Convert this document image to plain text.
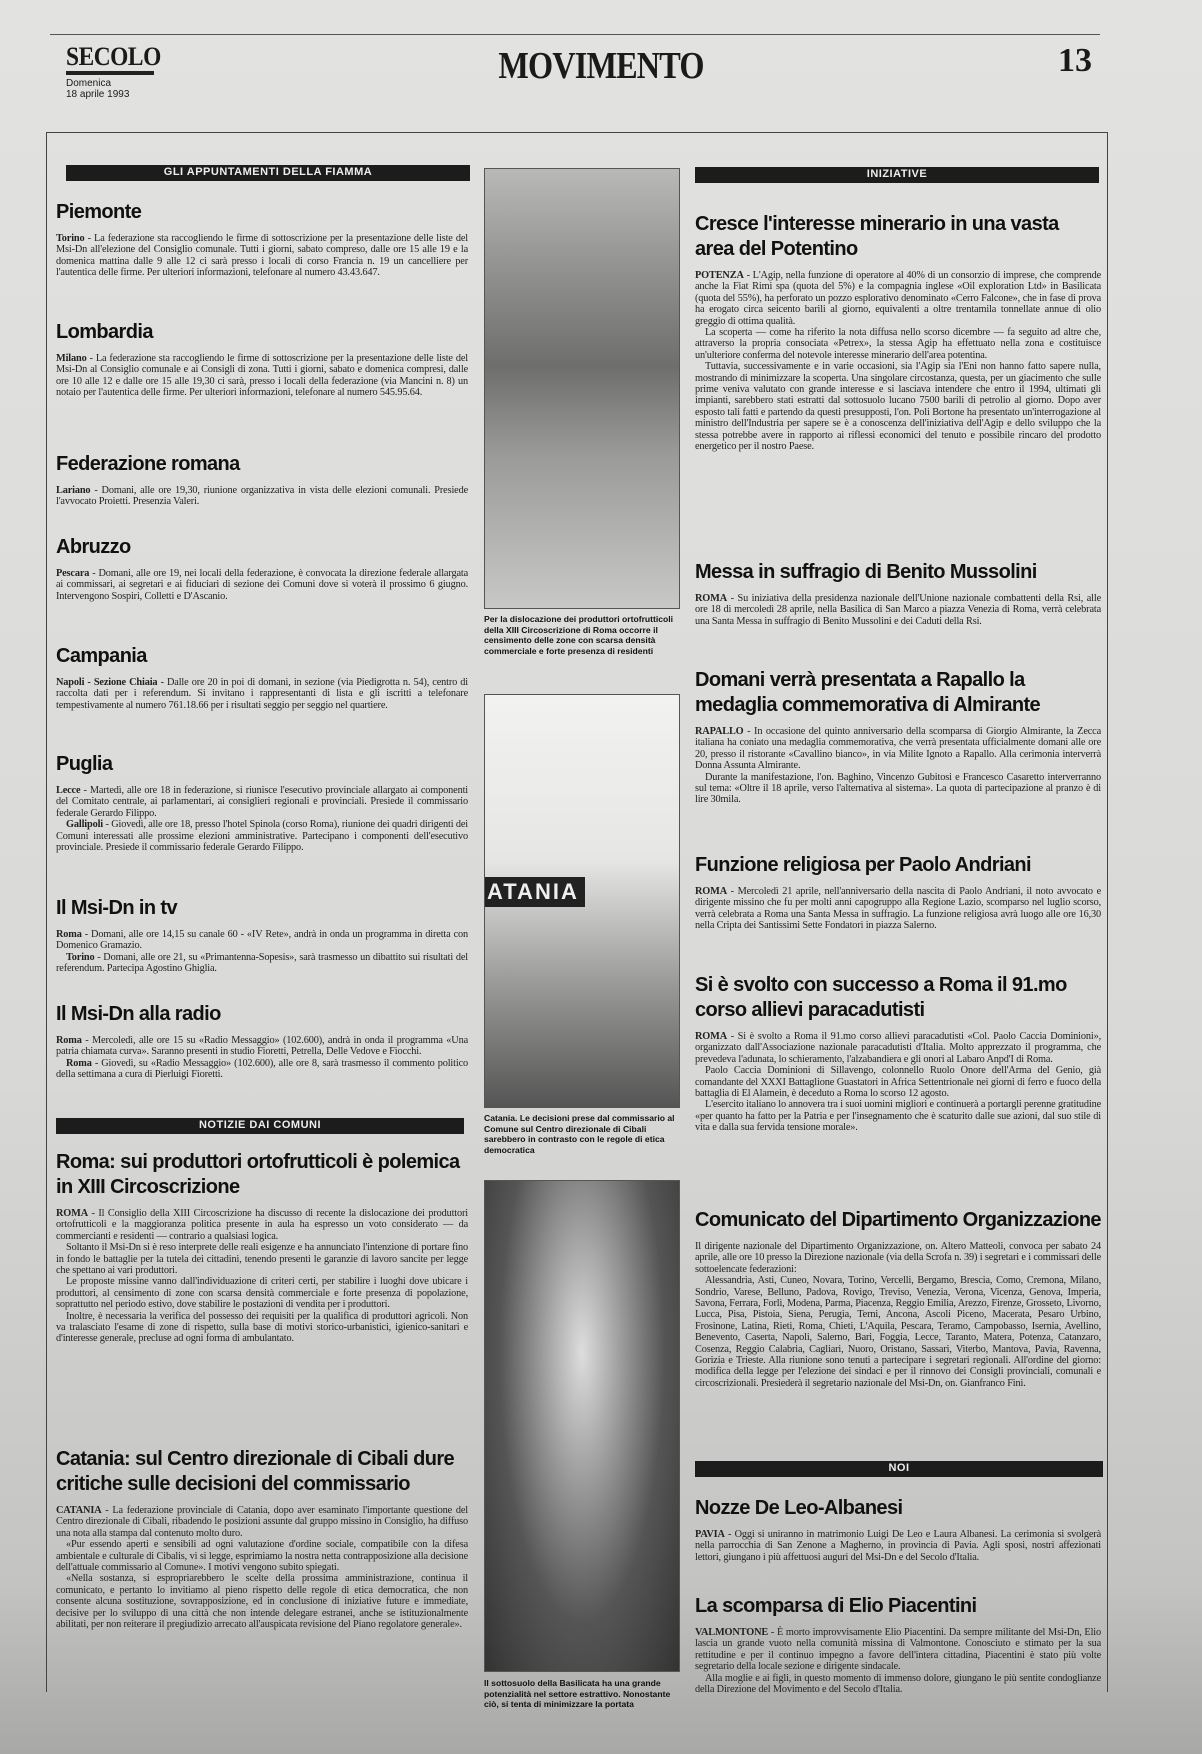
SECOLO
Domenica
18 aprile 1993
MOVIMENTO	13
GLI APPUNTAMENTI DELLA FIAMMA
NOTIZIE DAI COMUNI
INIZIATIVE
NOI
Piemonte

Torino - La federazione sta raccogliendo le firme di sottoscrizione per la presentazione delle liste del Msi-Dn all'elezione del Consiglio comunale. Tutti i giorni, sabato compreso, dalle ore 15 alle 19 e la domenica mattina dalle 9 alle 12 ci sarà presso i locali di corso Francia n. 19 un cancelliere per l'autentica delle firme. Per ulteriori informazioni, telefonare al numero 43.43.647.

Lombardia

Milano - La federazione sta raccogliendo le firme di sottoscrizione per la presentazione delle liste del Msi-Dn al Consiglio comunale e ai Consigli di zona. Tutti i giorni, sabato e domenica compresi, dalle ore 10 alle 12 e dalle ore 15 alle 19,30 ci sarà, presso i locali della federazione (via Mancini n. 8) un notaio per l'autentica delle firme. Per ulteriori informazioni, telefonare al numero 545.95.64.

Federazione romana

Lariano - Domani, alle ore 19,30, riunione organizzativa in vista delle elezioni comunali. Presiede l'avvocato Proietti. Presenzia Valeri.

Abruzzo

Pescara - Domani, alle ore 19, nei locali della federazione, è convocata la direzione federale allargata ai commissari, ai segretari e ai fiduciari di sezione dei Comuni dove si voterà il prossimo 6 giugno. Intervengono Sospiri, Colletti e D'Ascanio.

Campania

Napoli - Sezione Chiaia - Dalle ore 20 in poi di domani, in sezione (via Piedigrotta n. 54), centro di raccolta dati per i referendum. Si invitano i rappresentanti di lista e gli iscritti a telefonare tempestivamente al numero 761.18.66 per i risultati seggio per seggio nel quartiere.

Puglia

Lecce - Martedì, alle ore 18 in federazione, si riunisce l'esecutivo provinciale allargato ai componenti del Comitato centrale, ai parlamentari, ai consiglieri regionali e provinciali. Presiede il commissario federale Gerardo Filippo.

Gallipoli - Giovedì, alle ore 18, presso l'hotel Spinola (corso Roma), riunione dei quadri dirigenti dei Comuni interessati alle prossime elezioni amministrative. Partecipano i componenti dell'esecutivo provinciale. Presiede il commissario federale Gerardo Filippo.

Il Msi-Dn in tv

Roma - Domani, alle ore 14,15 su canale 60 - «IV Rete», andrà in onda un programma in diretta con Domenico Gramazio.

Torino - Domani, alle ore 21, su «Primantenna-Sopesis», sarà trasmesso un dibattito sui risultati del referendum. Partecipa Agostino Ghiglia.

Il Msi-Dn alla radio

Roma - Mercoledì, alle ore 15 su «Radio Messaggio» (102.600), andrà in onda il programma «Una patria chiamata curva». Saranno presenti in studio Fioretti, Petrella, Delle Vedove e Fiocchi.

Roma - Giovedì, su «Radio Messaggio» (102.600), alle ore 8, sarà trasmesso il commento politico della settimana a cura di Pierluigi Fioretti.

Roma: sui produttori ortofrutticoli è polemica in XIII Circoscrizione

ROMA - Il Consiglio della XIII Circoscrizione ha discusso di recente la dislocazione dei produttori ortofrutticoli e la maggioranza politica presente in aula ha espresso un voto considerato — da commercianti e residenti — contrario a qualsiasi logica.

Soltanto il Msi-Dn si è reso interprete delle reali esigenze e ha annunciato l'intenzione di portare fino in fondo le battaglie per la tutela dei cittadini, tenendo presenti le garanzie di lavoro sancite per legge che spettano ai vari produttori.

Le proposte missine vanno dall'individuazione di criteri certi, per stabilire i luoghi dove ubicare i produttori, al censimento di zone con scarsa densità commerciale e forte presenza di popolazione, soprattutto nel periodo estivo, dove stabilire le postazioni di vendita per i produttori.

Inoltre, è necessaria la verifica del possesso dei requisiti per la qualifica di produttori agricoli. Non va tralasciato l'esame di zone di rispetto, sulla base di motivi storico-urbanistici, igienico-sanitari e d'interesse generale, precluse ad ogni forma di ambulantato.

Catania: sul Centro direzionale di Cibali dure critiche sulle decisioni del commissario

CATANIA - La federazione provinciale di Catania, dopo aver esaminato l'importante questione del Centro direzionale di Cibali, ribadendo le posizioni assunte dal gruppo missino in Consiglio, ha diffuso una nota alla stampa dal contenuto molto duro.

«Pur essendo aperti e sensibili ad ogni valutazione d'ordine sociale, compatibile con la difesa ambientale e culturale di Cibalis, vi si legge, esprimiamo la nostra netta contrapposizione alla decisione dell'attuale commissario al Comune». I motivi vengono subito spiegati.

«Nella sostanza, si espropriarebbero le scelte della prossima amministrazione, continua il comunicato, e pertanto lo invitiamo al pieno rispetto delle regole di etica democratica, che non consente alcuna sostituzione, sovrapposizione, ed in conclusione di iniziative future e immediate, decisive per lo sviluppo di una città che non intende delegare estranei, anche se istituzionalmente abilitati, per non reiterare il pregiudizio arrecato all'auspicata revisione del Piano regolatore generale».

Cresce l'interesse minerario in una vasta area del Potentino

POTENZA - L'Agip, nella funzione di operatore al 40% di un consorzio di imprese, che comprende anche la Fiat Rimi spa (quota del 5%) e la compagnia inglese «Oil exploration Ltd» in Basilicata (quota del 55%), ha perforato un pozzo esplorativo denominato «Cerro Falcone», che in fase di prova ha erogato circa seicento barili al giorno, equivalenti a oltre trentamila tonnellate annue di olio greggio di ottima qualità.

La scoperta — come ha riferito la nota diffusa nello scorso dicembre — fa seguito ad altre che, attraverso la propria consociata «Petrex», la stessa Agip ha effettuato nella zona e costituisce un'ulteriore conferma del notevole interesse minerario dell'area potentina.

Tuttavia, successivamente e in varie occasioni, sia l'Agip sia l'Eni non hanno fatto sapere nulla, mostrando di minimizzare la scoperta. Una singolare circostanza, questa, per un giacimento che sulle prime veniva valutato con grande interesse e si lasciava intendere che entro il 1994, ultimati gli impianti, sarebbero stati estratti dal sottosuolo lucano 7500 barili di petrolio al giorno. Dopo aver esposto tali fatti e partendo da questi presupposti, l'on. Poli Bortone ha presentato un'interrogazione al ministro dell'Industria per sapere se è a conoscenza dell'iniziativa dell'Agip e dello sviluppo che la stessa potrebbe avere in rapporto ai riflessi economici del tenuto e possibile rincaro del prodotto energetico per il nostro Paese.

Messa in suffragio di Benito Mussolini

ROMA - Su iniziativa della presidenza nazionale dell'Unione nazionale combattenti della Rsi, alle ore 18 di mercoledì 28 aprile, nella Basilica di San Marco a piazza Venezia di Roma, verrà celebrata una Santa Messa in suffragio di Benito Mussolini e dei Caduti della Rsi.

Domani verrà presentata a Rapallo la medaglia commemorativa di Almirante

RAPALLO - In occasione del quinto anniversario della scomparsa di Giorgio Almirante, la Zecca italiana ha coniato una medaglia commemorativa, che verrà presentata ufficialmente domani alle ore 20, presso il ristorante «Cavallino bianco», in via Milite Ignoto a Rapallo. Alla cerimonia interverrà Donna Assunta Almirante.

Durante la manifestazione, l'on. Baghino, Vincenzo Gubitosi e Francesco Casaretto interverranno sul tema: «Oltre il 18 aprile, verso l'alternativa al sistema». La quota di partecipazione al pranzo è di lire 30mila.

Funzione religiosa per Paolo Andriani

ROMA - Mercoledì 21 aprile, nell'anniversario della nascita di Paolo Andriani, il noto avvocato e dirigente missino che fu per molti anni capogruppo alla Regione Lazio, scomparso nel luglio scorso, verrà celebrata a Roma una Santa Messa in suffragio. La funzione religiosa avrà luogo alle ore 16,30 nella Cripta dei Santissimi Sette Fondatori in piazza Salerno.

Si è svolto con successo a Roma il 91.mo corso allievi paracadutisti

ROMA - Si è svolto a Roma il 91.mo corso allievi paracadutisti «Col. Paolo Caccia Dominioni», organizzato dall'Associazione nazionale paracadutisti d'Italia. Molto apprezzato il programma, che prevedeva l'adunata, lo schieramento, l'alzabandiera e gli onori al Labaro Anpd'I di Roma.

Paolo Caccia Dominioni di Sillavengo, colonnello Ruolo Onore dell'Arma del Genio, già comandante del XXXI Battaglione Guastatori in Africa Settentrionale nei giorni di ferro e fuoco della battaglia di El Alamein, è deceduto a Roma lo scorso 12 agosto.

L'esercito italiano lo annovera tra i suoi uomini migliori e continuerà a portargli perenne gratitudine «per quanto ha fatto per la Patria e per l'insegnamento che è scaturito dalle sue azioni, dal suo stile di vita e dalla sua fervida tensione morale».

Comunicato del Dipartimento Organizzazione

Il dirigente nazionale del Dipartimento Organizzazione, on. Altero Matteoli, convoca per sabato 24 aprile, alle ore 10 presso la Direzione nazionale (via della Scrofa n. 39) i segretari e i commissari delle sottoelencate federazioni:

Alessandria, Asti, Cuneo, Novara, Torino, Vercelli, Bergamo, Brescia, Como, Cremona, Milano, Sondrio, Varese, Belluno, Padova, Rovigo, Treviso, Venezia, Verona, Vicenza, Genova, Imperia, Savona, Ferrara, Forlì, Modena, Parma, Piacenza, Reggio Emilia, Arezzo, Firenze, Grosseto, Livorno, Lucca, Pisa, Pistoia, Siena, Perugia, Terni, Ancona, Ascoli Piceno, Macerata, Pesaro Urbino, Frosinone, Latina, Rieti, Roma, Chieti, L'Aquila, Pescara, Teramo, Campobasso, Isernia, Avellino, Benevento, Caserta, Napoli, Salerno, Bari, Foggia, Lecce, Taranto, Matera, Potenza, Catanzaro, Cosenza, Reggio Calabria, Cagliari, Nuoro, Oristano, Sassari, Viterbo, Mantova, Pavia, Ravenna, Gorizia e Trieste. Alla riunione sono tenuti a partecipare i segretari regionali. All'ordine del giorno: modifica della legge per l'elezione dei sindaci e per il rinnovo dei Consigli provinciali, comunali e circoscrizionali. Presiederà il segretario nazionale del Msi-Dn, on. Gianfranco Fini.

Nozze De Leo-Albanesi

PAVIA - Oggi si uniranno in matrimonio Luigi De Leo e Laura Albanesi. La cerimonia si svolgerà nella parrocchia di San Zenone a Magherno, in provincia di Pavia. Agli sposi, nostri affezionati lettori, giungano i più affettuosi auguri del Msi-Dn e del Secolo d'Italia.

La scomparsa di Elio Piacentini

VALMONTONE - È morto improvvisamente Elio Piacentini. Da sempre militante del Msi-Dn, Elio lascia un grande vuoto nella comunità missina di Valmontone. Conosciuto e stimato per la sua rettitudine e per il continuo impegno a favore dell'intera cittadina, Piacentini è stato più volte segretario della locale sezione e dirigente sindacale.

Alla moglie e ai figli, in questo momento di immenso dolore, giungano le più sentite condoglianze della Direzione del Movimento e del Secolo d'Italia.

Per la dislocazione dei produttori ortofrutticoli della XIII Circoscrizione di Roma occorre il censimento delle zone con scarsa densità commerciale e forte presenza di residenti
ATANIA
Catania. Le decisioni prese dal commissario al Comune sul Centro direzionale di Cibali sarebbero in contrasto con le regole di etica democratica
Il sottosuolo della Basilicata ha una grande potenzialità nel settore estrattivo. Nonostante ciò, si tenta di minimizzare la portata
